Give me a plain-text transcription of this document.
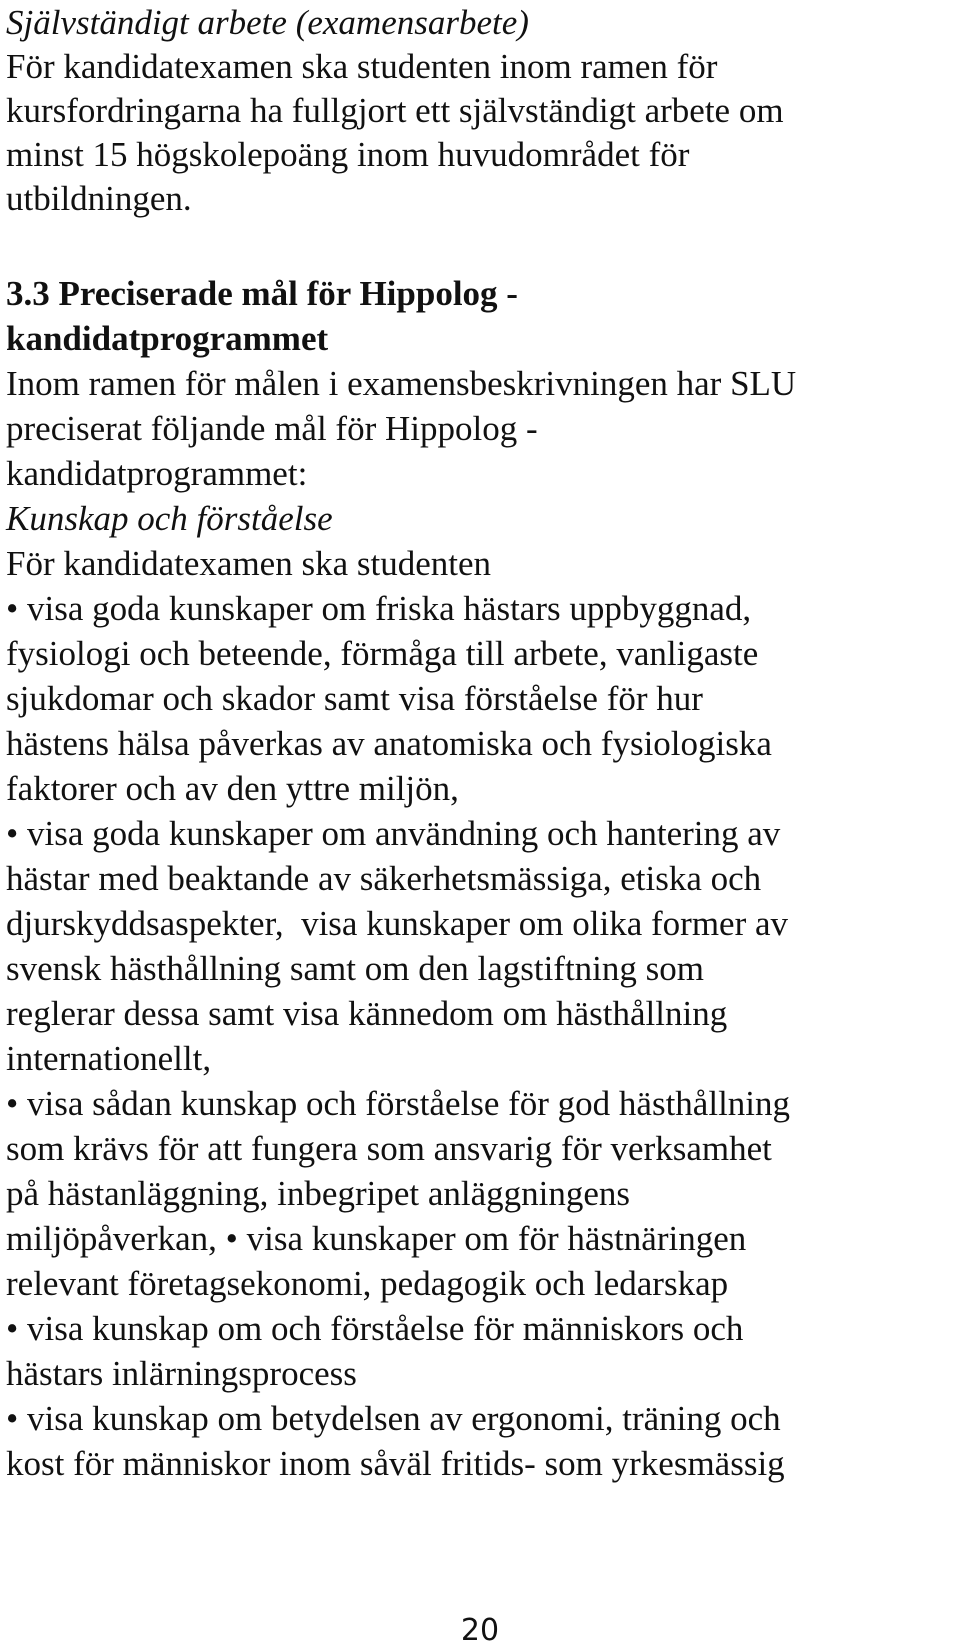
Självständigt arbete (examensarbete)
För kandidatexamen ska studenten inom ramen för
kursfordringarna ha fullgjort ett självständigt arbete om
minst 15 högskolepoäng inom huvudområdet för
utbildningen.
3.3 Preciserade mål för Hippolog -
kandidatprogrammet
Inom ramen för målen i examensbeskrivningen har SLU
preciserat följande mål för Hippolog -
kandidatprogrammet:
Kunskap och förståelse
För kandidatexamen ska studenten
• visa goda kunskaper om friska hästars uppbyggnad,
fysiologi och beteende, förmåga till arbete, vanligaste
sjukdomar och skador samt visa förståelse för hur
hästens hälsa påverkas av anatomiska och fysiologiska
faktorer och av den yttre miljön,
• visa goda kunskaper om användning och hantering av
hästar med beaktande av säkerhetsmässiga, etiska och
djurskyddsaspekter,  visa kunskaper om olika former av
svensk hästhållning samt om den lagstiftning som
reglerar dessa samt visa kännedom om hästhållning
internationellt,
• visa sådan kunskap och förståelse för god hästhållning
som krävs för att fungera som ansvarig för verksamhet
på hästanläggning, inbegripet anläggningens
miljöpåverkan, • visa kunskaper om för hästnäringen
relevant företagsekonomi, pedagogik och ledarskap
• visa kunskap om och förståelse för människors och
hästars inlärningsprocess
• visa kunskap om betydelsen av ergonomi, träning och
kost för människor inom såväl fritids- som yrkesmässig
20
